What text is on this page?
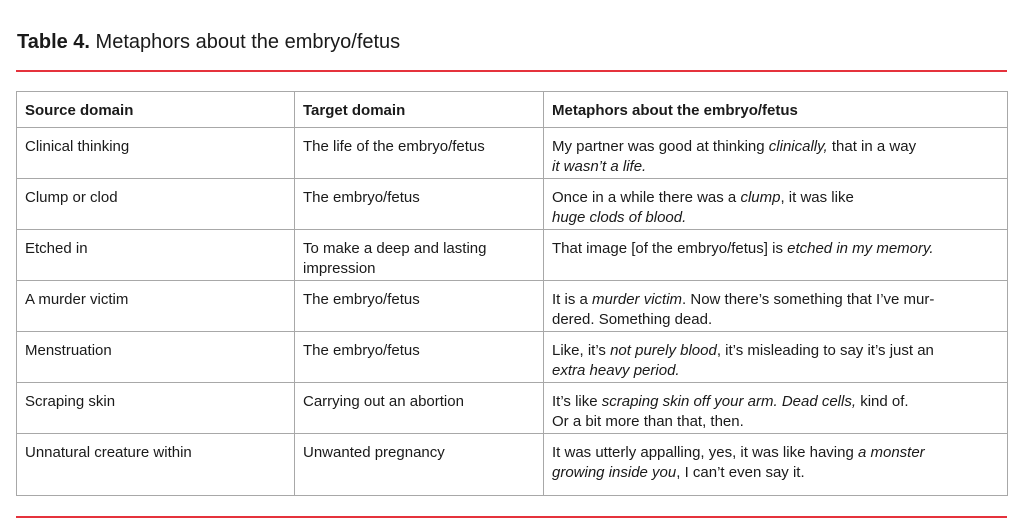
Table 4. Metaphors about the embryo/fetus
Source domain	Target domain	Metaphors about the embryo/fetus
Clinical thinking	The life of the embryo/fetus	My partner was good at thinking clinically, that in a way
it wasn’t a life.

Clump or clod	The embryo/fetus	Once in a while there was a clump, it was like
huge clods of blood.

Etched in	To make a deep and lasting impression	That image [of the embryo/fetus] is etched in my memory.

A murder victim	The embryo/fetus	It is a murder victim. Now there’s something that I’ve mur-
dered. Something dead.

Menstruation	The embryo/fetus	Like, it’s not purely blood, it’s misleading to say it’s just an
extra heavy period.

Scraping skin	Carrying out an abortion	It’s like scraping skin off your arm. Dead cells, kind of.
Or a bit more than that, then.

Unnatural creature within	Unwanted pregnancy	It was utterly appalling, yes, it was like having a monster
growing inside you, I can’t even say it.
